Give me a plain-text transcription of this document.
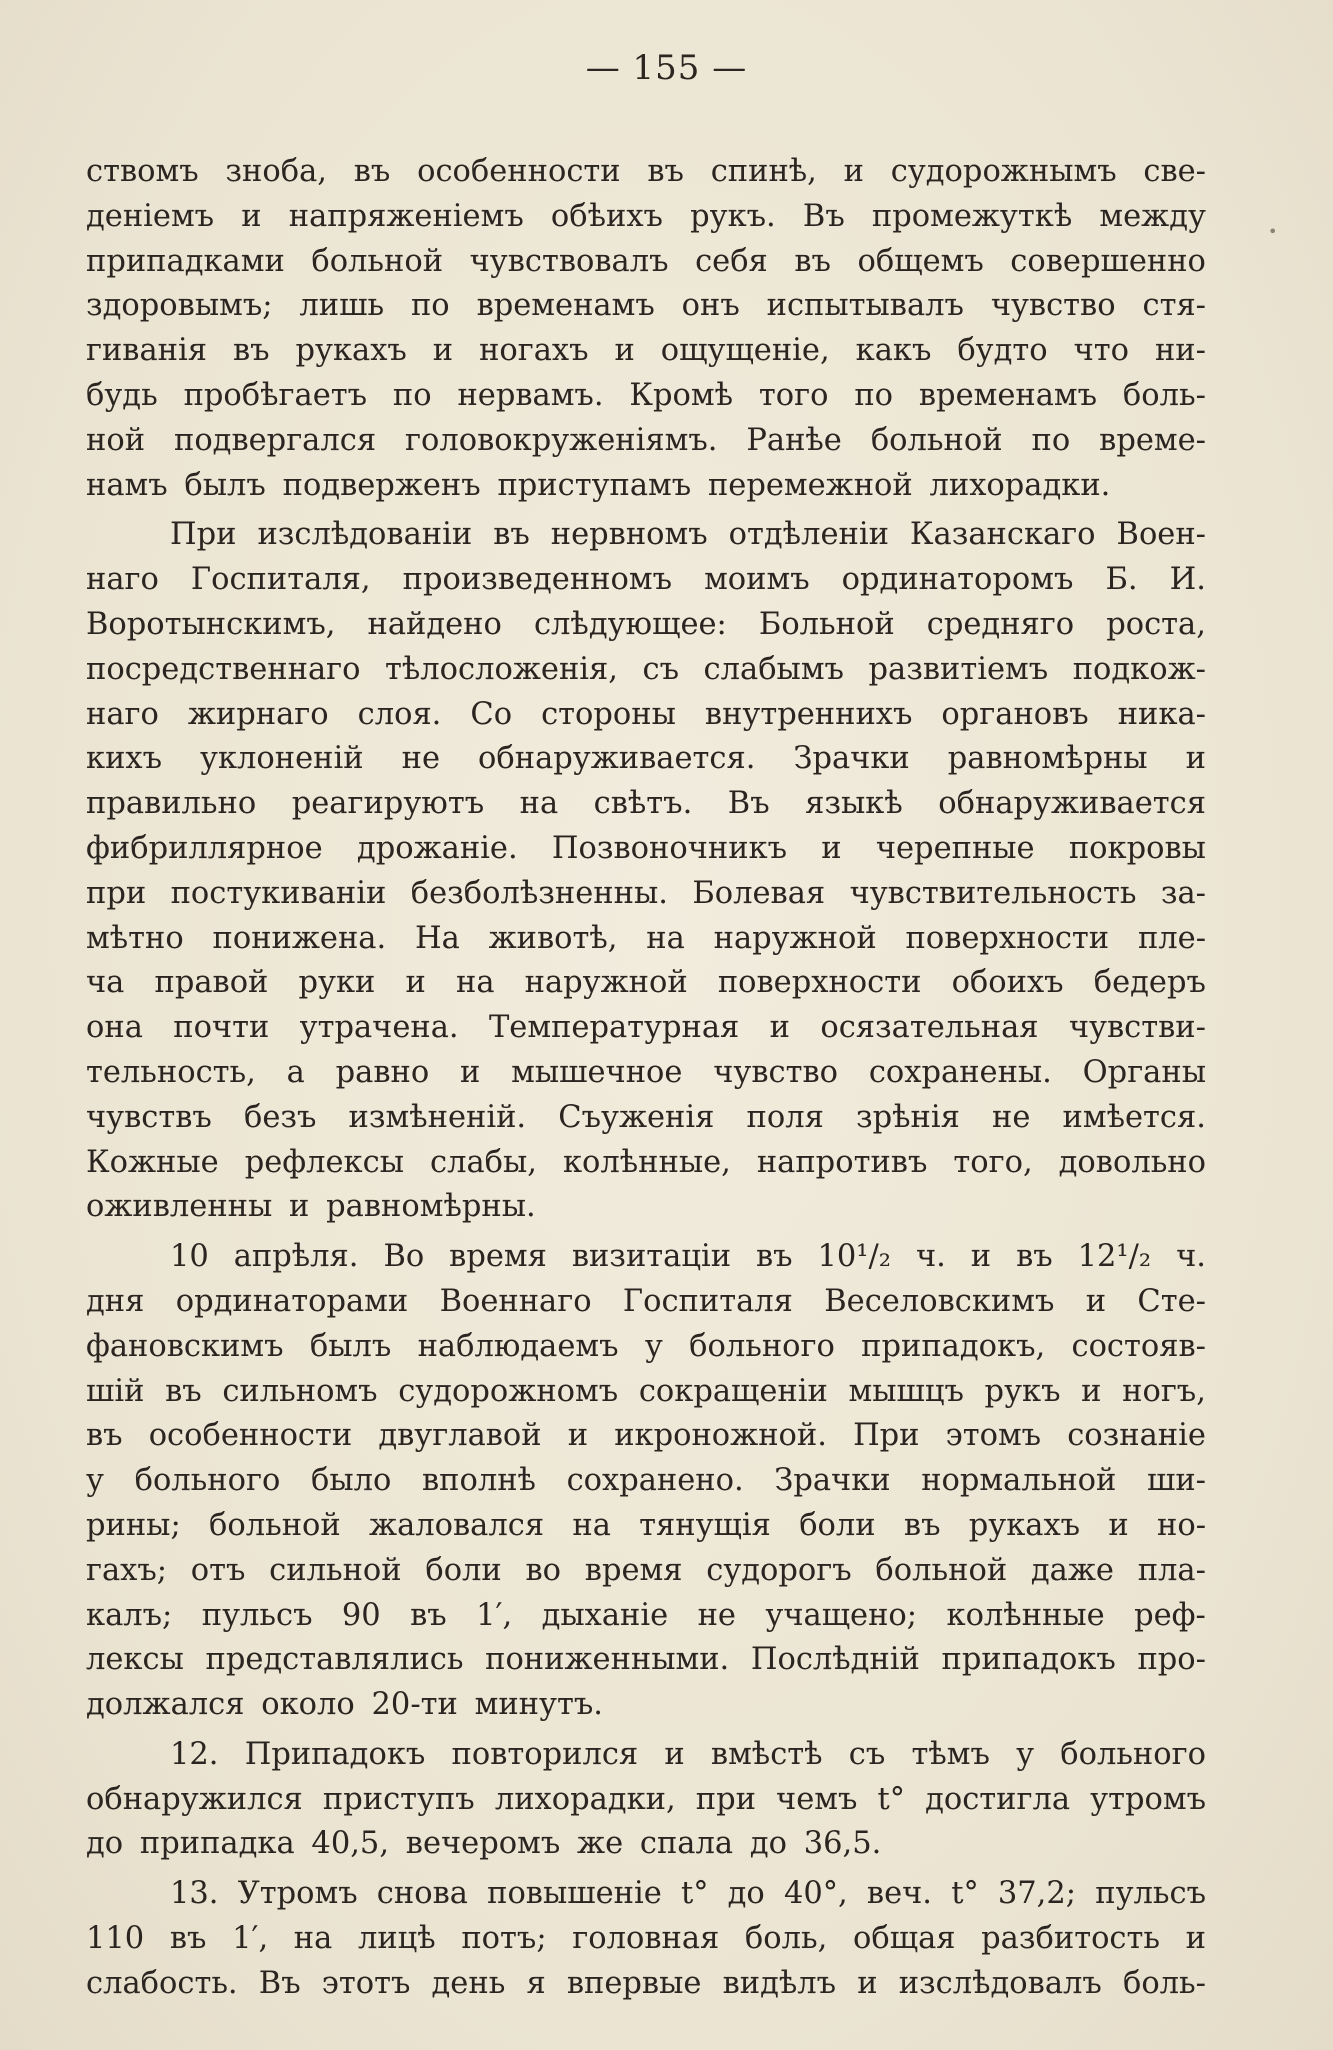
— 155 —
ствомъ зноба, въ особенности въ спинѣ, и судорожнымъ све-
деніемъ и напряженіемъ обѣихъ рукъ. Въ промежуткѣ между
припадками больной чувствовалъ себя въ общемъ совершенно
здоровымъ; лишь по временамъ онъ испытывалъ чувство стя-
гиванія въ рукахъ и ногахъ и ощущеніе, какъ будто что ни-
будь пробѣгаетъ по нервамъ. Кромѣ того по временамъ боль-
ной подвергался головокруженіямъ. Ранѣе больной по време-
намъ былъ подверженъ приступамъ перемежной лихорадки.
При изслѣдованіи въ нервномъ отдѣленіи Казанскаго Воен-
наго Госпиталя, произведенномъ моимъ ординаторомъ Б. И.
Воротынскимъ, найдено слѣдующее: Больной средняго роста,
посредственнаго тѣлосложенія, съ слабымъ развитіемъ подкож-
наго жирнаго слоя. Со стороны внутреннихъ органовъ ника-
кихъ уклоненій не обнаруживается. Зрачки равномѣрны и
правильно реагируютъ на свѣтъ. Въ языкѣ обнаруживается
фибриллярное дрожаніе. Позвоночникъ и черепные покровы
при постукиваніи безболѣзненны. Болевая чувствительность за-
мѣтно понижена. На животѣ, на наружной поверхности пле-
ча правой руки и на наружной поверхности обоихъ бедеръ
она почти утрачена. Температурная и осязательная чувстви-
тельность, а равно и мышечное чувство сохранены. Органы
чувствъ безъ измѣненій. Съуженія поля зрѣнія не имѣется.
Кожные рефлексы слабы, колѣнные, напротивъ того, довольно
оживленны и равномѣрны.
10 апрѣля. Во время визитаціи въ 10¹/₂ ч. и въ 12¹/₂ ч.
дня ординаторами Военнаго Госпиталя Веселовскимъ и Сте-
фановскимъ былъ наблюдаемъ у больного припадокъ, состояв-
шій въ сильномъ судорожномъ сокращеніи мышцъ рукъ и ногъ,
въ особенности двуглавой и икроножной. При этомъ сознаніе
у больного было вполнѣ сохранено. Зрачки нормальной ши-
рины; больной жаловался на тянущія боли въ рукахъ и но-
гахъ; отъ сильной боли во время судорогъ больной даже пла-
калъ; пульсъ 90 въ 1′, дыханіе не учащено; колѣнные реф-
лексы представлялись пониженными. Послѣдній припадокъ про-
должался около 20-ти минутъ.
12. Припадокъ повторился и вмѣстѣ съ тѣмъ у больного
обнаружился приступъ лихорадки, при чемъ t° достигла утромъ
до припадка 40,5, вечеромъ же спала до 36,5.
13. Утромъ снова повышеніе t° до 40°, веч. t° 37,2; пульсъ
110 въ 1′, на лицѣ потъ; головная боль, общая разбитость и
слабость. Въ этотъ день я впервые видѣлъ и изслѣдовалъ боль-
•
